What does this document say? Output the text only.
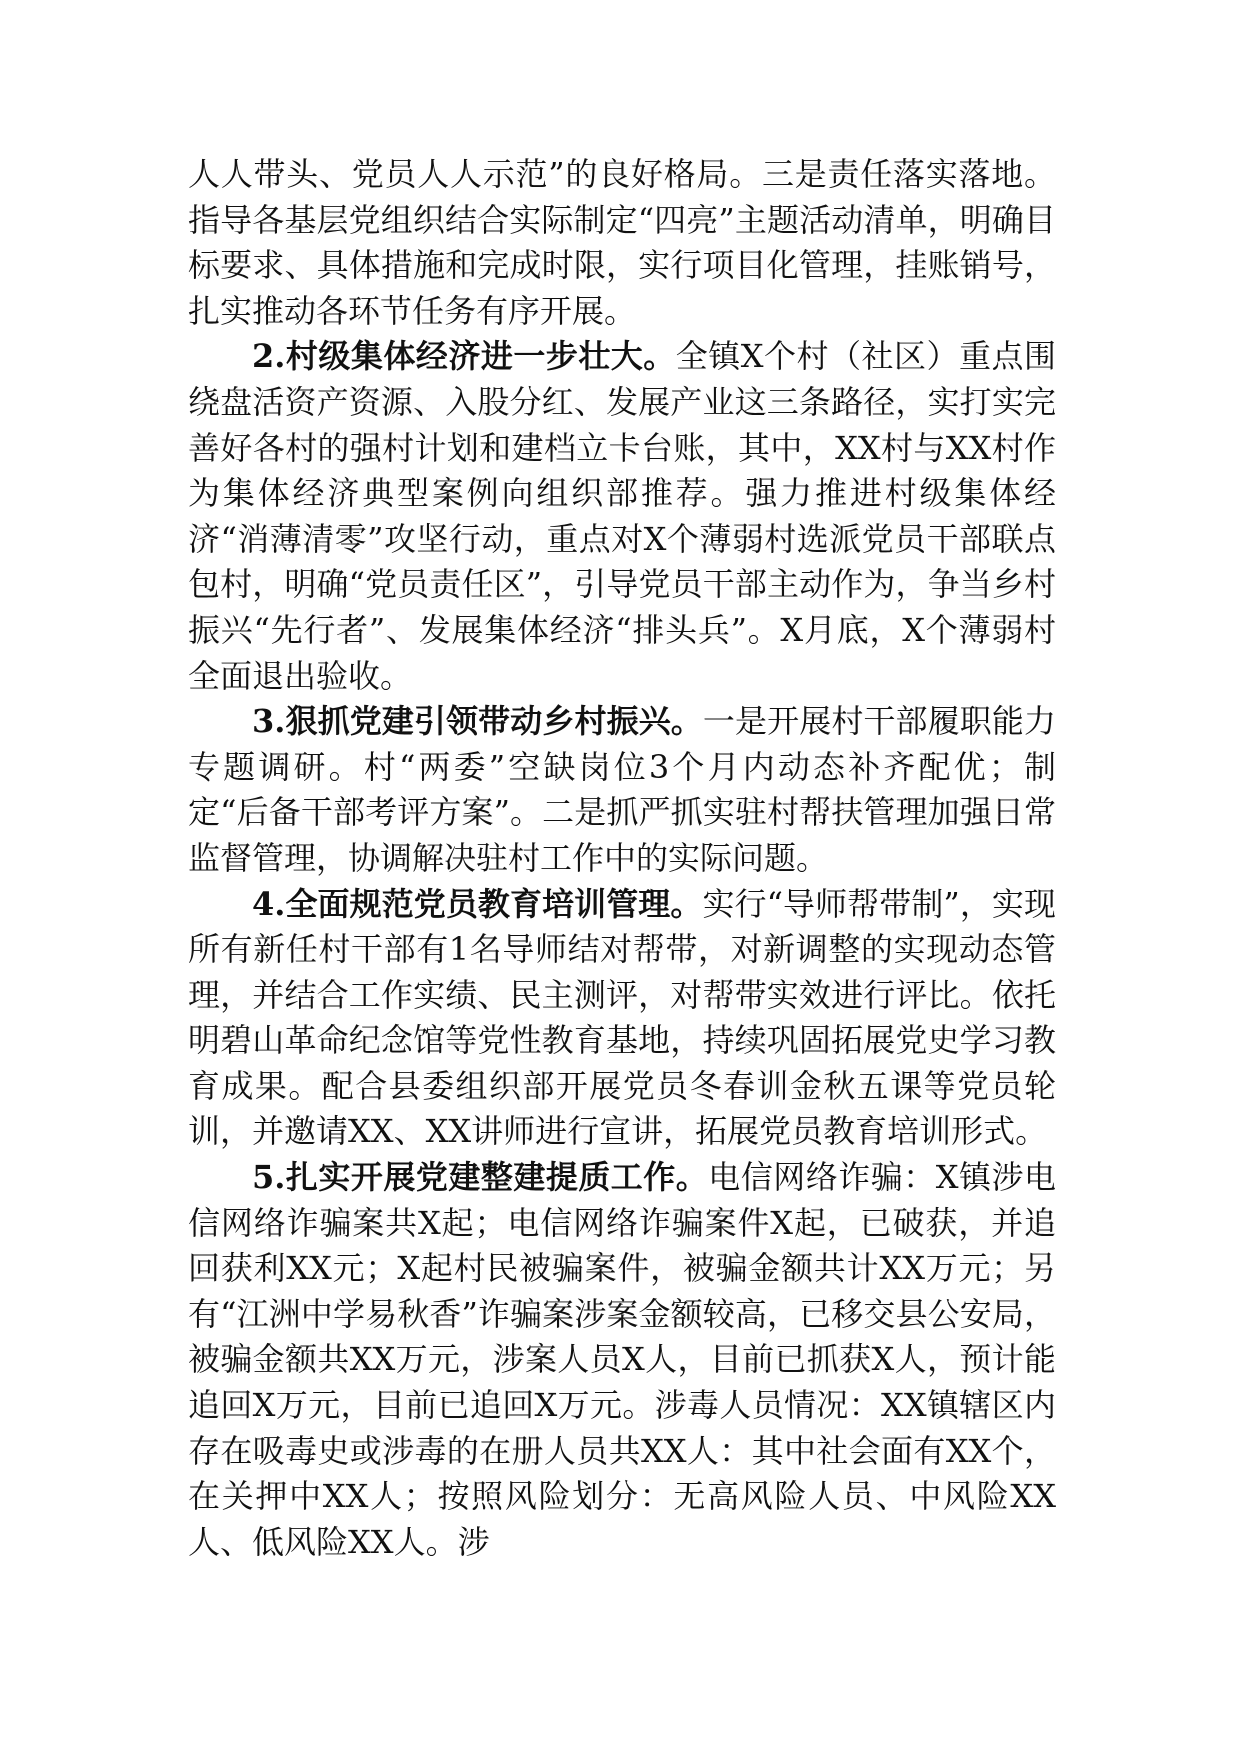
人人带头、党员人人示范”的良好格局。三是责任落实落地。指导各基层党组织结合实际制定“四亮”主题活动清单，明确目标要求、具体措施和完成时限，实行项目化管理，挂账销号，扎实推动各环节任务有序开展。

2.村级集体经济进一步壮大。全镇X个村（社区）重点围绕盘活资产资源、入股分红、发展产业这三条路径，实打实完善好各村的强村计划和建档立卡台账，其中，XX村与XX村作为集体经济典型案例向组织部推荐。强力推进村级集体经济“消薄清零”攻坚行动，重点对X个薄弱村选派党员干部联点包村，明确“党员责任区”，引导党员干部主动作为，争当乡村振兴“先行者”、发展集体经济“排头兵”。X月底，X个薄弱村全面退出验收。

3.狠抓党建引领带动乡村振兴。一是开展村干部履职能力专题调研。村“两委”空缺岗位3个月内动态补齐配优；制定“后备干部考评方案”。二是抓严抓实驻村帮扶管理加强日常监督管理，协调解决驻村工作中的实际问题。

4.全面规范党员教育培训管理。实行“导师帮带制”，实现所有新任村干部有1名导师结对帮带，对新调整的实现动态管理，并结合工作实绩、民主测评，对帮带实效进行评比。依托明碧山革命纪念馆等党性教育基地，持续巩固拓展党史学习教育成果。配合县委组织部开展党员冬春训金秋五课等党员轮训，并邀请XX、XX讲师进行宣讲，拓展党员教育培训形式。

5.扎实开展党建整建提质工作。电信网络诈骗：X镇涉电信网络诈骗案共X起；电信网络诈骗案件X起，已破获，并追回获利XX元；X起村民被骗案件，被骗金额共计XX万元；另有“江洲中学易秋香”诈骗案涉案金额较高，已移交县公安局，被骗金额共XX万元，涉案人员X人，目前已抓获X人，预计能追回X万元，目前已追回X万元。涉毒人员情况：XX镇辖区内存在吸毒史或涉毒的在册人员共XX人：其中社会面有XX个，在关押中XX人；按照风险划分：无高风险人员、中风险XX人、低风险XX人。涉
